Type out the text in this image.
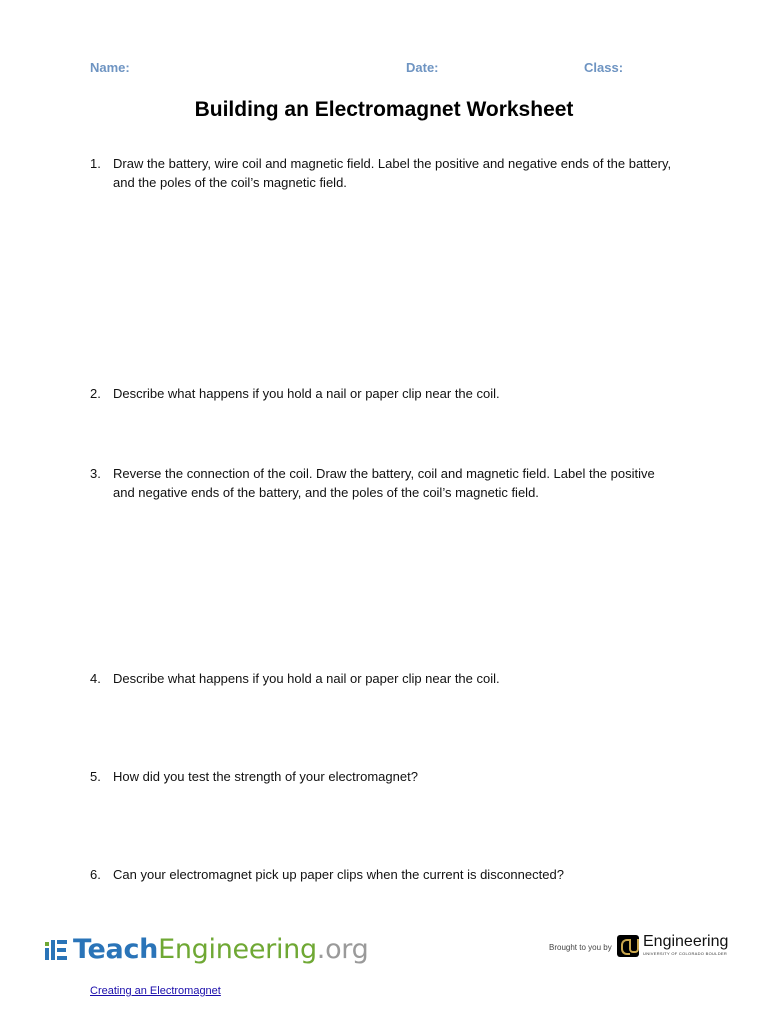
Name:	Date:	Class:
Building an Electromagnet Worksheet
1. Draw the battery, wire coil and magnetic field. Label the positive and negative ends of the battery, and the poles of the coil’s magnetic field.
2. Describe what happens if you hold a nail or paper clip near the coil.
3. Reverse the connection of the coil. Draw the battery, coil and magnetic field. Label the positive and negative ends of the battery, and the poles of the coil’s magnetic field.
4. Describe what happens if you hold a nail or paper clip near the coil.
5. How did you test the strength of your electromagnet?
6. Can your electromagnet pick up paper clips when the current is disconnected?
TeachEngineering.org	Brought to you by Engineering
UNIVERSITY OF COLORADO BOULDER
Creating an Electromagnet
